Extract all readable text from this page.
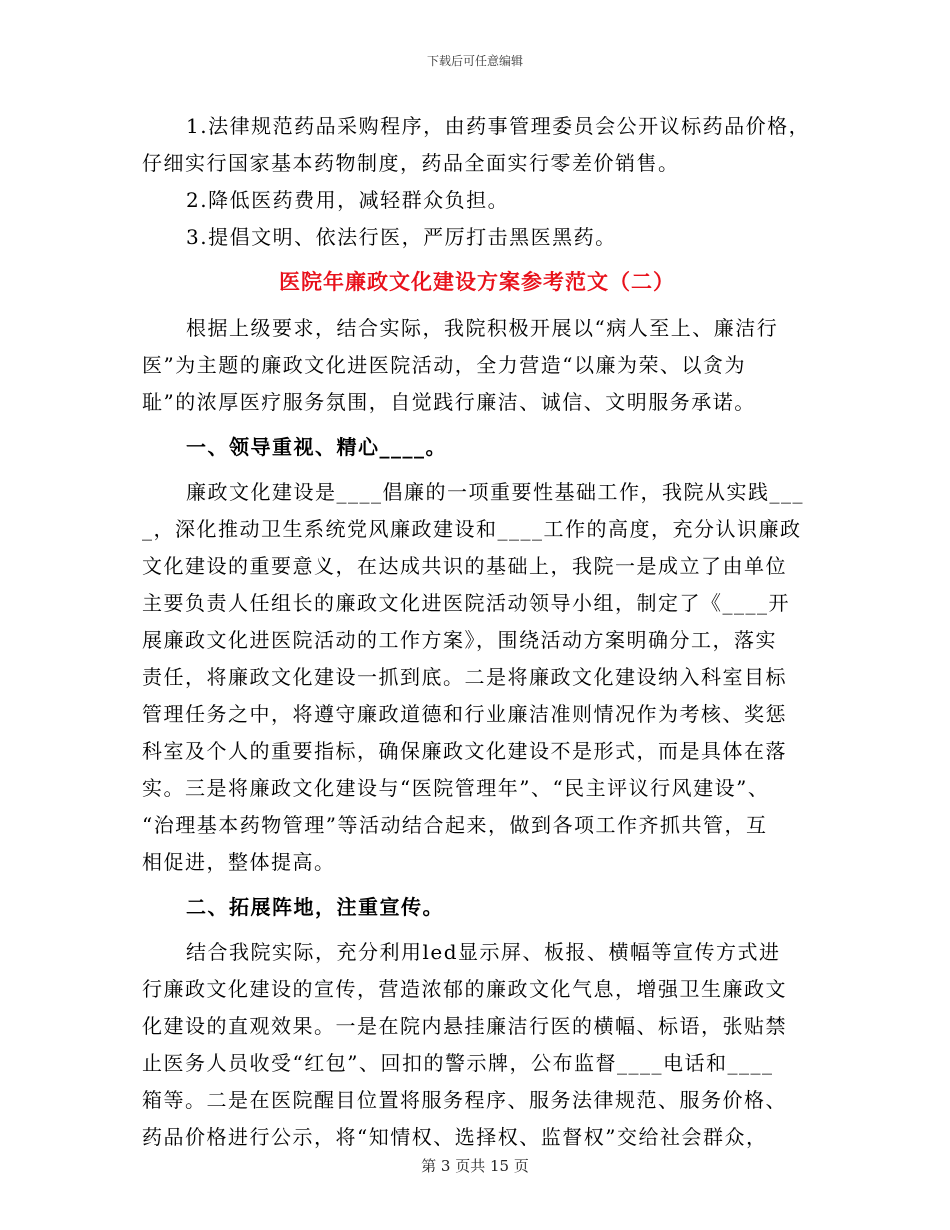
下载后可任意编辑
1.法律规范药品采购程序，由药事管理委员会公开议标药品价格，
仔细实行国家基本药物制度，药品全面实行零差价销售。
2.降低医药费用，减轻群众负担。
3.提倡文明、依法行医，严厉打击黑医黑药。
医院年廉政文化建设方案参考范文（二）
根据上级要求，结合实际，我院积极开展以“病人至上、廉洁行
医”为主题的廉政文化进医院活动，全力营造“以廉为荣、以贪为
耻”的浓厚医疗服务氛围，自觉践行廉洁、诚信、文明服务承诺。
一、领导重视、精心____。
廉政文化建设是____倡廉的一项重要性基础工作，我院从实践___
_，深化推动卫生系统党风廉政建设和____工作的高度，充分认识廉政
文化建设的重要意义，在达成共识的基础上，我院一是成立了由单位
主要负责人任组长的廉政文化进医院活动领导小组，制定了《____开
展廉政文化进医院活动的工作方案》，围绕活动方案明确分工，落实
责任，将廉政文化建设一抓到底。二是将廉政文化建设纳入科室目标
管理任务之中，将遵守廉政道德和行业廉洁准则情况作为考核、奖惩
科室及个人的重要指标，确保廉政文化建设不是形式，而是具体在落
实。三是将廉政文化建设与“医院管理年”、“民主评议行风建设”、
“治理基本药物管理”等活动结合起来，做到各项工作齐抓共管，互
相促进，整体提高。
二、拓展阵地，注重宣传。
结合我院实际，充分利用led显示屏、板报、横幅等宣传方式进
行廉政文化建设的宣传，营造浓郁的廉政文化气息，增强卫生廉政文
化建设的直观效果。一是在院内悬挂廉洁行医的横幅、标语，张贴禁
止医务人员收受“红包”、回扣的警示牌，公布监督____电话和____
箱等。二是在医院醒目位置将服务程序、服务法律规范、服务价格、
药品价格进行公示，将“知情权、选择权、监督权”交给社会群众，
第 3 页共 15 页
